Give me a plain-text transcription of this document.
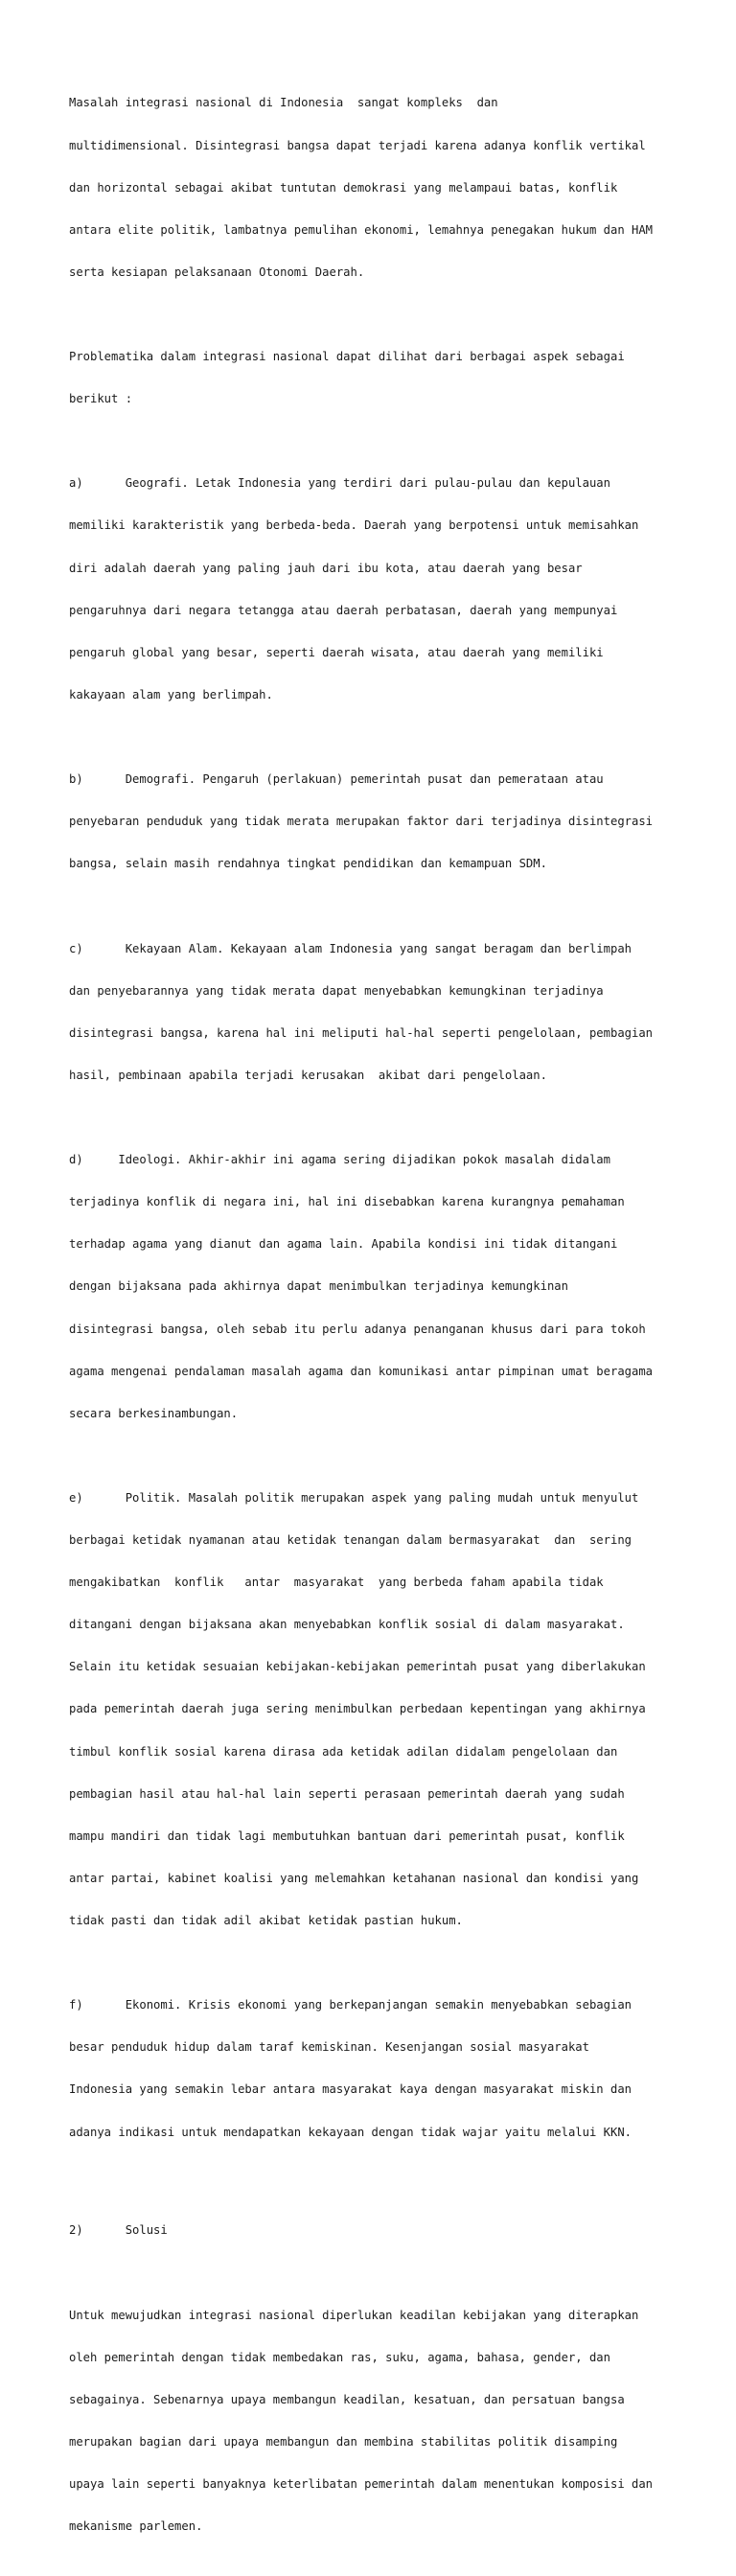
Masalah integrasi nasional di Indonesia  sangat kompleks  dan

multidimensional. Disintegrasi bangsa dapat terjadi karena adanya konflik vertikal

dan horizontal sebagai akibat tuntutan demokrasi yang melampaui batas, konflik

antara elite politik, lambatnya pemulihan ekonomi, lemahnya penegakan hukum dan HAM

serta kesiapan pelaksanaan Otonomi Daerah.

Problematika dalam integrasi nasional dapat dilihat dari berbagai aspek sebagai

berikut :

a)      Geografi. Letak Indonesia yang terdiri dari pulau-pulau dan kepulauan

memiliki karakteristik yang berbeda-beda. Daerah yang berpotensi untuk memisahkan

diri adalah daerah yang paling jauh dari ibu kota, atau daerah yang besar

pengaruhnya dari negara tetangga atau daerah perbatasan, daerah yang mempunyai

pengaruh global yang besar, seperti daerah wisata, atau daerah yang memiliki

kakayaan alam yang berlimpah.

b)      Demografi. Pengaruh (perlakuan) pemerintah pusat dan pemerataan atau

penyebaran penduduk yang tidak merata merupakan faktor dari terjadinya disintegrasi

bangsa, selain masih rendahnya tingkat pendidikan dan kemampuan SDM.

c)      Kekayaan Alam. Kekayaan alam Indonesia yang sangat beragam dan berlimpah

dan penyebarannya yang tidak merata dapat menyebabkan kemungkinan terjadinya

disintegrasi bangsa, karena hal ini meliputi hal-hal seperti pengelolaan, pembagian

hasil, pembinaan apabila terjadi kerusakan  akibat dari pengelolaan.

d)     Ideologi. Akhir-akhir ini agama sering dijadikan pokok masalah didalam

terjadinya konflik di negara ini, hal ini disebabkan karena kurangnya pemahaman

terhadap agama yang dianut dan agama lain. Apabila kondisi ini tidak ditangani

dengan bijaksana pada akhirnya dapat menimbulkan terjadinya kemungkinan

disintegrasi bangsa, oleh sebab itu perlu adanya penanganan khusus dari para tokoh

agama mengenai pendalaman masalah agama dan komunikasi antar pimpinan umat beragama

secara berkesinambungan.

e)      Politik. Masalah politik merupakan aspek yang paling mudah untuk menyulut

berbagai ketidak nyamanan atau ketidak tenangan dalam bermasyarakat  dan  sering

mengakibatkan  konflik   antar  masyarakat  yang berbeda faham apabila tidak

ditangani dengan bijaksana akan menyebabkan konflik sosial di dalam masyarakat.

Selain itu ketidak sesuaian kebijakan-kebijakan pemerintah pusat yang diberlakukan

pada pemerintah daerah juga sering menimbulkan perbedaan kepentingan yang akhirnya

timbul konflik sosial karena dirasa ada ketidak adilan didalam pengelolaan dan

pembagian hasil atau hal-hal lain seperti perasaan pemerintah daerah yang sudah

mampu mandiri dan tidak lagi membutuhkan bantuan dari pemerintah pusat, konflik

antar partai, kabinet koalisi yang melemahkan ketahanan nasional dan kondisi yang

tidak pasti dan tidak adil akibat ketidak pastian hukum.

f)      Ekonomi. Krisis ekonomi yang berkepanjangan semakin menyebabkan sebagian

besar penduduk hidup dalam taraf kemiskinan. Kesenjangan sosial masyarakat

Indonesia yang semakin lebar antara masyarakat kaya dengan masyarakat miskin dan

adanya indikasi untuk mendapatkan kekayaan dengan tidak wajar yaitu melalui KKN.

2)      Solusi

Untuk mewujudkan integrasi nasional diperlukan keadilan kebijakan yang diterapkan

oleh pemerintah dengan tidak membedakan ras, suku, agama, bahasa, gender, dan

sebagainya. Sebenarnya upaya membangun keadilan, kesatuan, dan persatuan bangsa

merupakan bagian dari upaya membangun dan membina stabilitas politik disamping

upaya lain seperti banyaknya keterlibatan pemerintah dalam menentukan komposisi dan

mekanisme parlemen.
